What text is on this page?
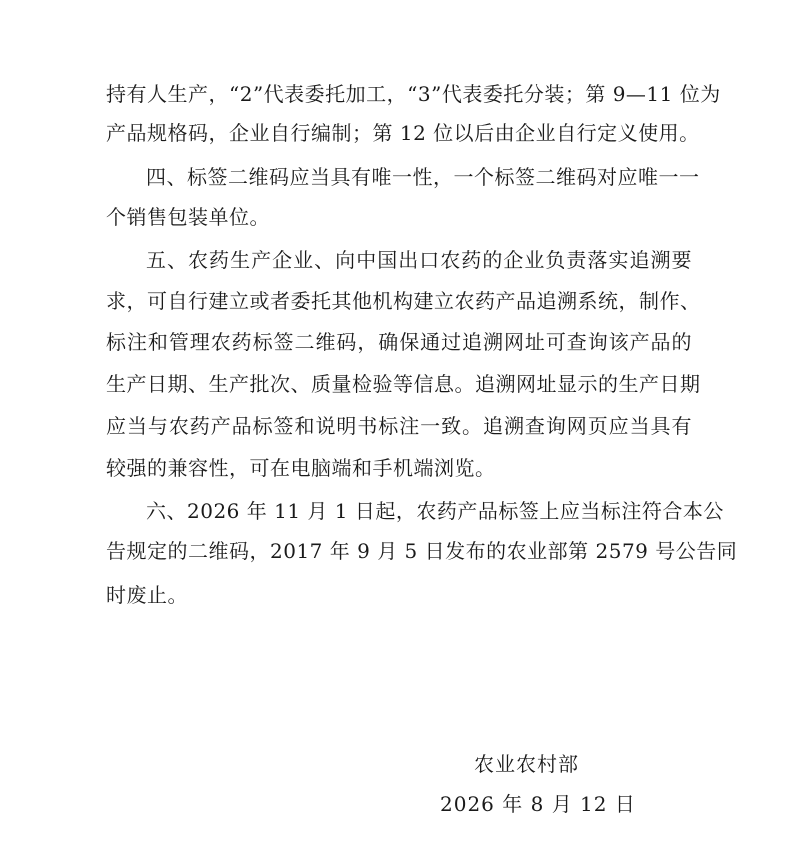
持有人生产，“2”代表委托加工，“3”代表委托分装；第 9—11 位为
产品规格码，企业自行编制；第 12 位以后由企业自行定义使用。
四、标签二维码应当具有唯一性，一个标签二维码对应唯一一
个销售包装单位。
五、农药生产企业、向中国出口农药的企业负责落实追溯要
求，可自行建立或者委托其他机构建立农药产品追溯系统，制作、
标注和管理农药标签二维码，确保通过追溯网址可查询该产品的
生产日期、生产批次、质量检验等信息。追溯网址显示的生产日期
应当与农药产品标签和说明书标注一致。追溯查询网页应当具有
较强的兼容性，可在电脑端和手机端浏览。
六、2026 年 11 月 1 日起，农药产品标签上应当标注符合本公
告规定的二维码，2017 年 9 月 5 日发布的农业部第 2579 号公告同
时废止。
农业农村部
2026 年 8 月 12 日
